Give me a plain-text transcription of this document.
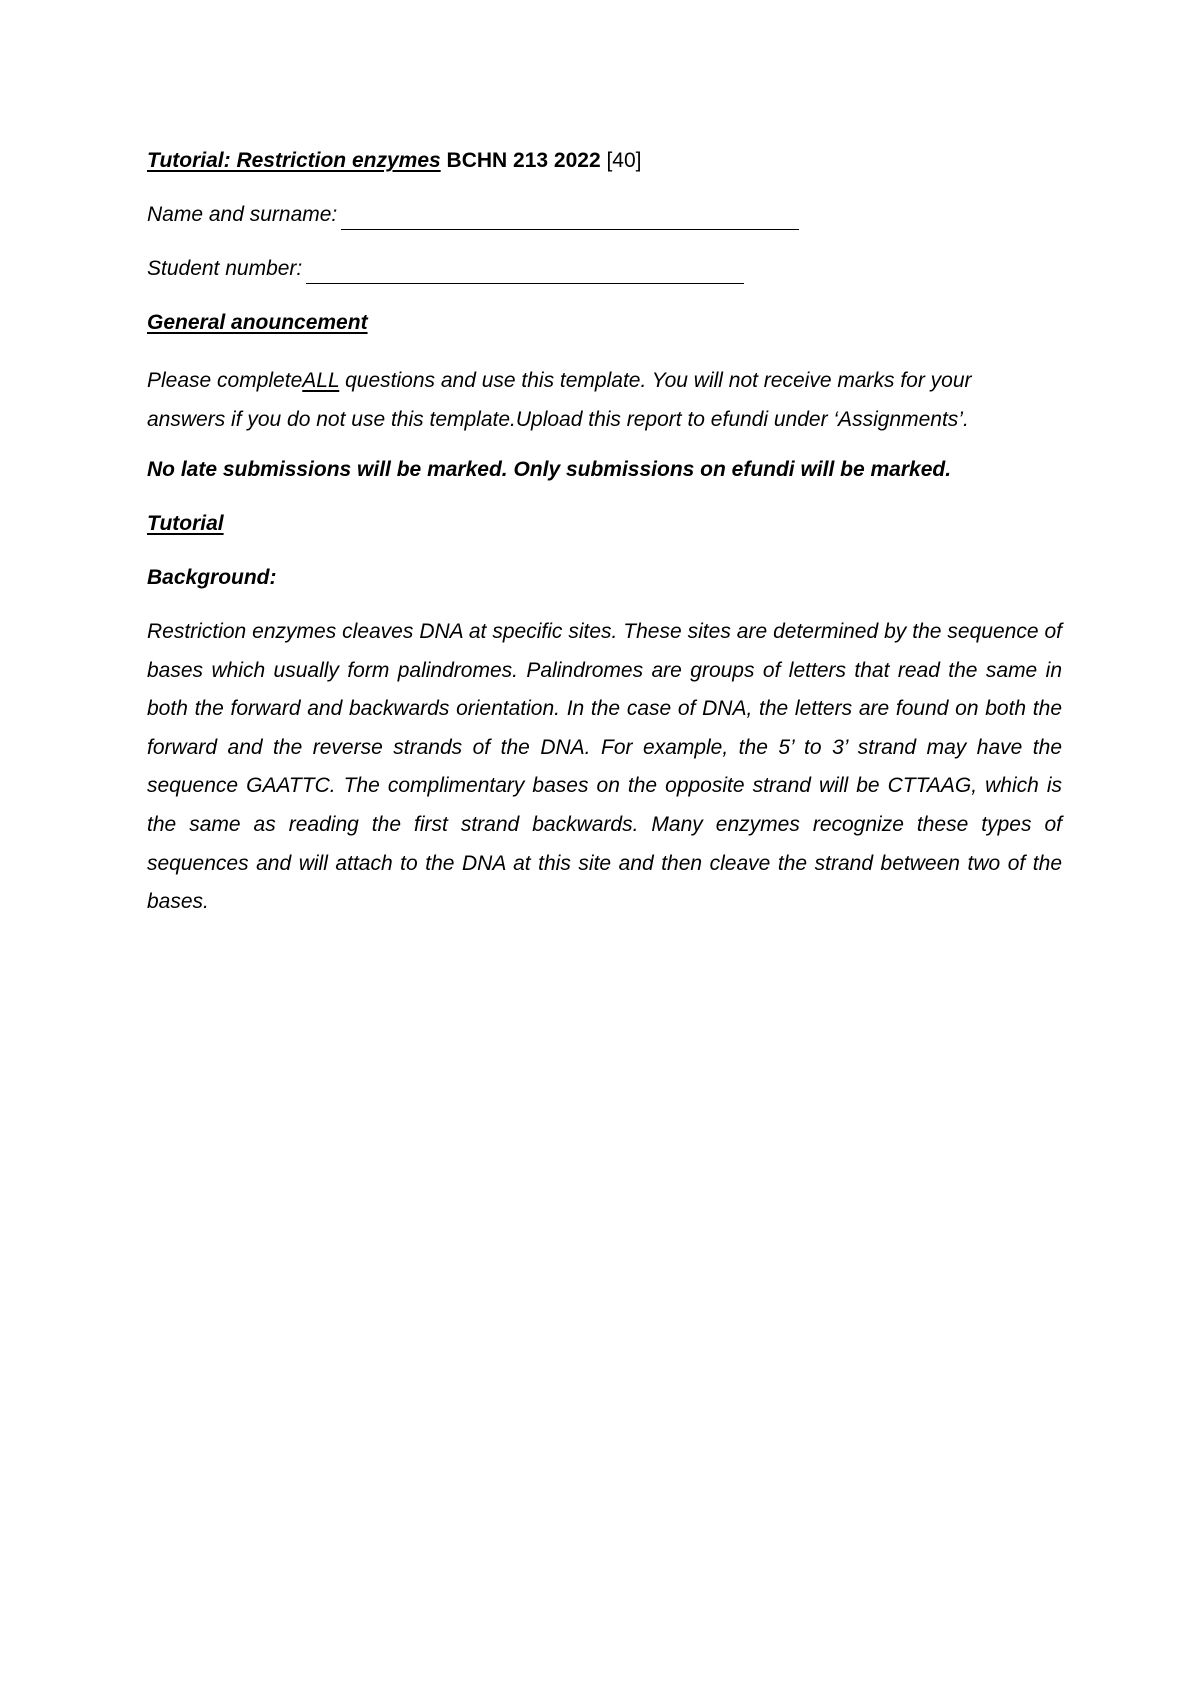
Tutorial: Restriction enzymes BCHN 213 2022 [40]
Name and surname:
Student number:
General anouncement
Please completeALL questions and use this template. You will not receive marks for your
answers if you do not use this template.Upload this report to efundi under ‘Assignments’.
No late submissions will be marked. Only submissions on efundi will be marked.
Tutorial
Background:
Restriction enzymes cleaves DNA at specific sites. These sites are determined by the sequence of bases which usually form palindromes. Palindromes are groups of letters that read the same in both the forward and backwards orientation. In the case of DNA, the letters are found on both the forward and the reverse strands of the DNA. For example, the 5’ to 3’ strand may have the sequence GAATTC. The complimentary bases on the opposite strand will be CTTAAG, which is the same as reading the first strand backwards. Many enzymes recognize these types of sequences and will attach to the DNA at this site and then cleave the strand between two of the bases.
